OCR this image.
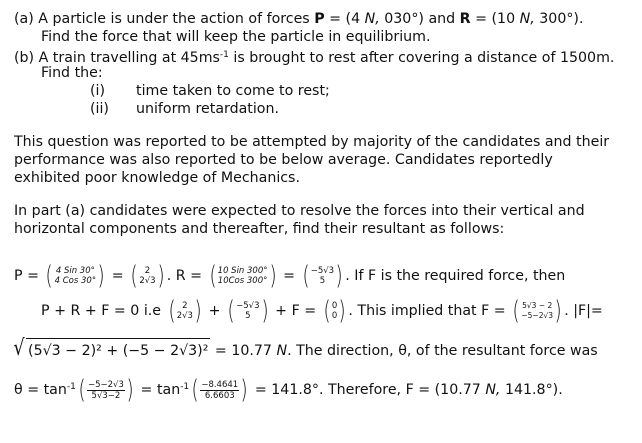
(a) A particle is under the action of forces P = (4 N, 030°) and R = (10 N, 300°).
Find the force that will keep the particle in equilibrium.
(b) A train travelling at $45ms^{-1}$ is brought to rest after covering a distance of 1500m.
Find the:
(i) time taken to come to rest;
(ii) uniform retardation.
This question was reported to be attempted by majority of the candidates and their
performance was also reported to be below average. Candidates reportedly
exhibited poor knowledge of Mechanics.
In part (a) candidates were expected to resolve the forces into their vertical and
horizontal components and thereafter, find their resultant as follows:
P = ( 4 Sin 30°
4 Cos 30° ) = ( 2
2√3 ) . R = ( 10 Sin 300°
10Cos 300° ) = ( −5√3
5 ) . If F is the required force, then
P + R + F = 0 i.e ( 2
2√3 ) + ( −5√3
5 ) + F = ( 0
0 ) . This implied that F = ( 5√3 − 2
−5−2√3 ) . |F|=
√ (5√3 − 2)² + (−5 − 2√3)² = 10.77 N. The direction, θ, of the resultant force was
$\theta = \tan^{-1}$ ( $\frac{-5-2√3}{5√3-2}$ ) = $\tan^{-1}$ ( $\frac{-8.4641}{6.6603}$ ) = 141.8°. Therefore, F = (10.77 N, 141.8°).
